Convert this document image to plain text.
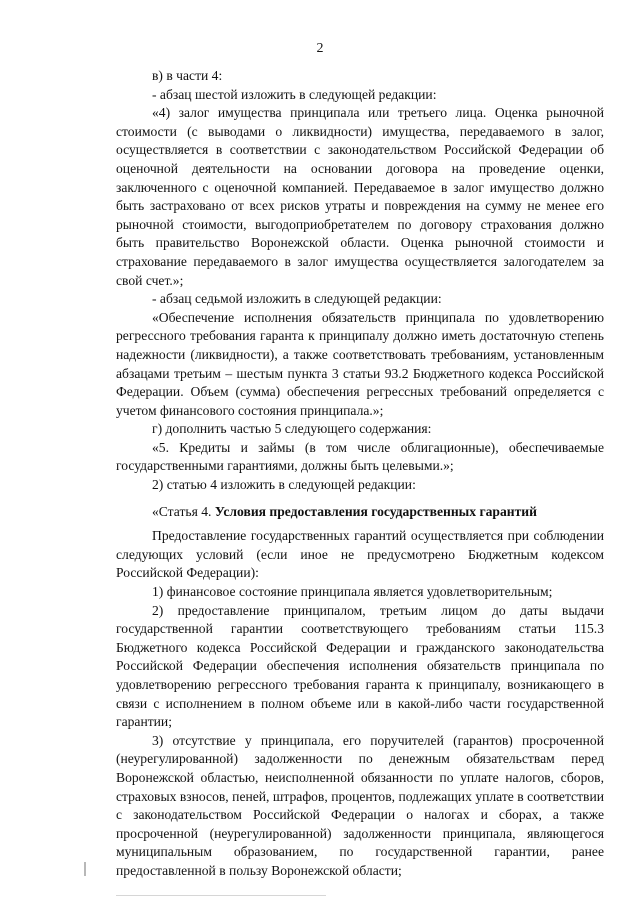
2

в) в части 4:

- абзац шестой изложить в следующей редакции:

«4) залог имущества принципала или третьего лица. Оценка рыночной стоимости (с выводами о ликвидности) имущества, передаваемого в залог, осуществляется в соответствии с законодательством Российской Федерации об оценочной деятельности на основании договора на проведение оценки, заключенного с оценочной компанией. Передаваемое в залог имущество должно быть застраховано от всех рисков утраты и повреждения на сумму не менее его рыночной стоимости, выгодоприобретателем по договору страхования должно быть правительство Воронежской области. Оценка рыночной стоимости и страхование передаваемого в залог имущества осуществляется залогодателем за свой счет.»;

- абзац седьмой изложить в следующей редакции:

«Обеспечение исполнения обязательств принципала по удовлетворению регрессного требования гаранта к принципалу должно иметь достаточную степень надежности (ликвидности), а также соответствовать требованиям, установленным абзацами третьим – шестым пункта 3 статьи 93.2 Бюджетного кодекса Российской Федерации. Объем (сумма) обеспечения регрессных требований определяется с учетом финансового состояния принципала.»;

г) дополнить частью 5 следующего содержания:

«5. Кредиты и займы (в том числе облигационные), обеспечиваемые государственными гарантиями, должны быть целевыми.»;

2) статью 4 изложить в следующей редакции:

«Статья 4. Условия предоставления государственных гарантий

Предоставление государственных гарантий осуществляется при соблюдении следующих условий (если иное не предусмотрено Бюджетным кодексом Российской Федерации):

1) финансовое состояние принципала является удовлетворительным;

2) предоставление принципалом, третьим лицом до даты выдачи государственной гарантии соответствующего требованиям статьи 115.3 Бюджетного кодекса Российской Федерации и гражданского законодательства Российской Федерации обеспечения исполнения обязательств принципала по удовлетворению регрессного требования гаранта к принципалу, возникающего в связи с исполнением в полном объеме или в какой-либо части государственной гарантии;

3) отсутствие у принципала, его поручителей (гарантов) просроченной (неурегулированной) задолженности по денежным обязательствам перед Воронежской областью, неисполненной обязанности по уплате налогов, сборов, страховых взносов, пеней, штрафов, процентов, подлежащих уплате в соответствии с законодательством Российской Федерации о налогах и сборах, а также просроченной (неурегулированной) задолженности принципала, являющегося муниципальным образованием, по государственной гарантии, ранее предоставленной в пользу Воронежской области;
